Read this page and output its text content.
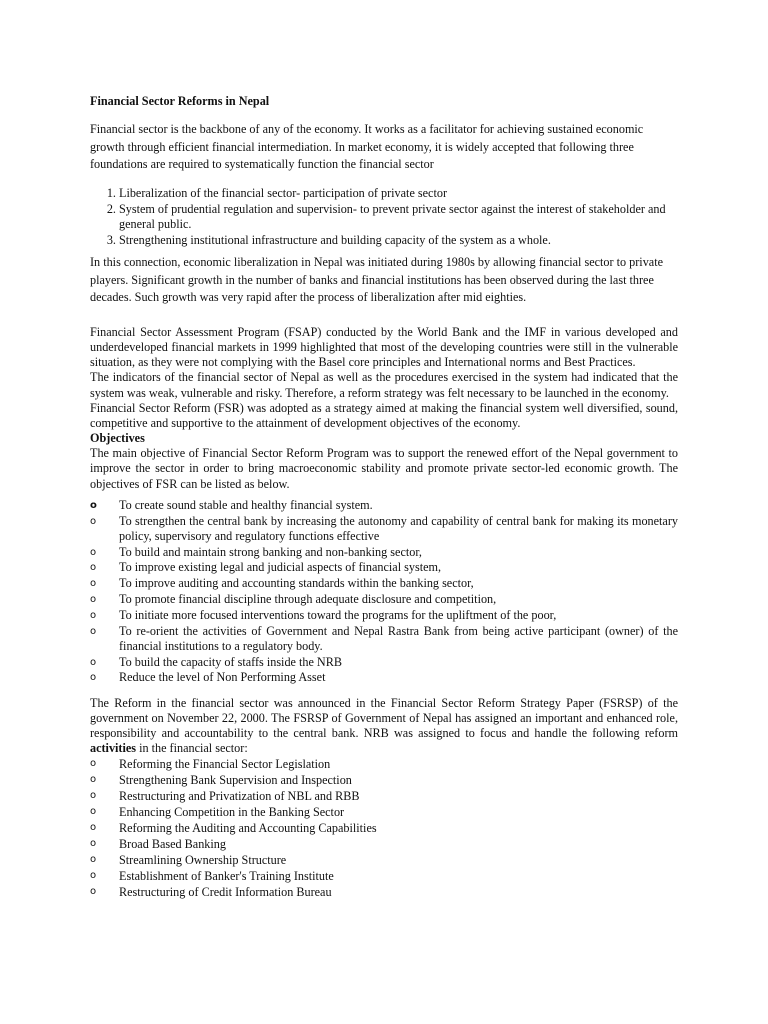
Financial Sector Reforms in Nepal

Financial sector is the backbone of any of the economy. It works as a facilitator for achieving sustained economic growth through efficient financial intermediation. In market economy, it is widely accepted that following three foundations are required to systematically function the financial sector

1. Liberalization of the financial sector- participation of private sector
2. System of prudential regulation and supervision- to prevent private sector against the interest of stakeholder and general public.
3. Strengthening institutional infrastructure and building capacity of the system as a whole.

In this connection, economic liberalization in Nepal was initiated during 1980s by allowing financial sector to private players. Significant growth in the number of banks and financial institutions has been observed during the last three decades. Such growth was very rapid after the process of liberalization after mid eighties.

Financial Sector Assessment Program (FSAP) conducted by the World Bank and the IMF in various developed and underdeveloped financial markets in 1999 highlighted that most of the developing countries were still in the vulnerable situation, as they were not complying with the Basel core principles and International norms and Best Practices.

The indicators of the financial sector of Nepal as well as the procedures exercised in the system had indicated that the system was weak, vulnerable and risky. Therefore, a reform strategy was felt necessary to be launched in the economy.

Financial Sector Reform (FSR) was adopted as a strategy aimed at making the financial system well diversified, sound, competitive and supportive to the attainment of development objectives of the economy.

Objectives

The main objective of Financial Sector Reform Program was to support the renewed effort of the Nepal government to improve the sector in order to bring macroeconomic stability and promote private sector-led economic growth. The objectives of FSR can be listed as below.

o To create sound stable and healthy financial system.
o To strengthen the central bank by increasing the autonomy and capability of central bank for making its monetary policy, supervisory and regulatory functions effective
o To build and maintain strong banking and non-banking sector,
o To improve existing legal and judicial aspects of financial system,
o To improve auditing and accounting standards within the banking sector,
o To promote financial discipline through adequate disclosure and competition,
o To initiate more focused interventions toward the programs for the upliftment of the poor,
o To re-orient the activities of Government and Nepal Rastra Bank from being active participant (owner) of the financial institutions to a regulatory body.
o To build the capacity of staffs inside the NRB
o Reduce the level of Non Performing Asset

The Reform in the financial sector was announced in the Financial Sector Reform Strategy Paper (FSRSP) of the government on November 22, 2000. The FSRSP of Government of Nepal has assigned an important and enhanced role, responsibility and accountability to the central bank. NRB was assigned to focus and handle the following reform activities in the financial sector:

o Reforming the Financial Sector Legislation
o Strengthening Bank Supervision and Inspection
o Restructuring and Privatization of NBL and RBB
o Enhancing Competition in the Banking Sector
o Reforming the Auditing and Accounting Capabilities
o Broad Based Banking
o Streamlining Ownership Structure
o Establishment of Banker's Training Institute
o Restructuring of Credit Information Bureau
